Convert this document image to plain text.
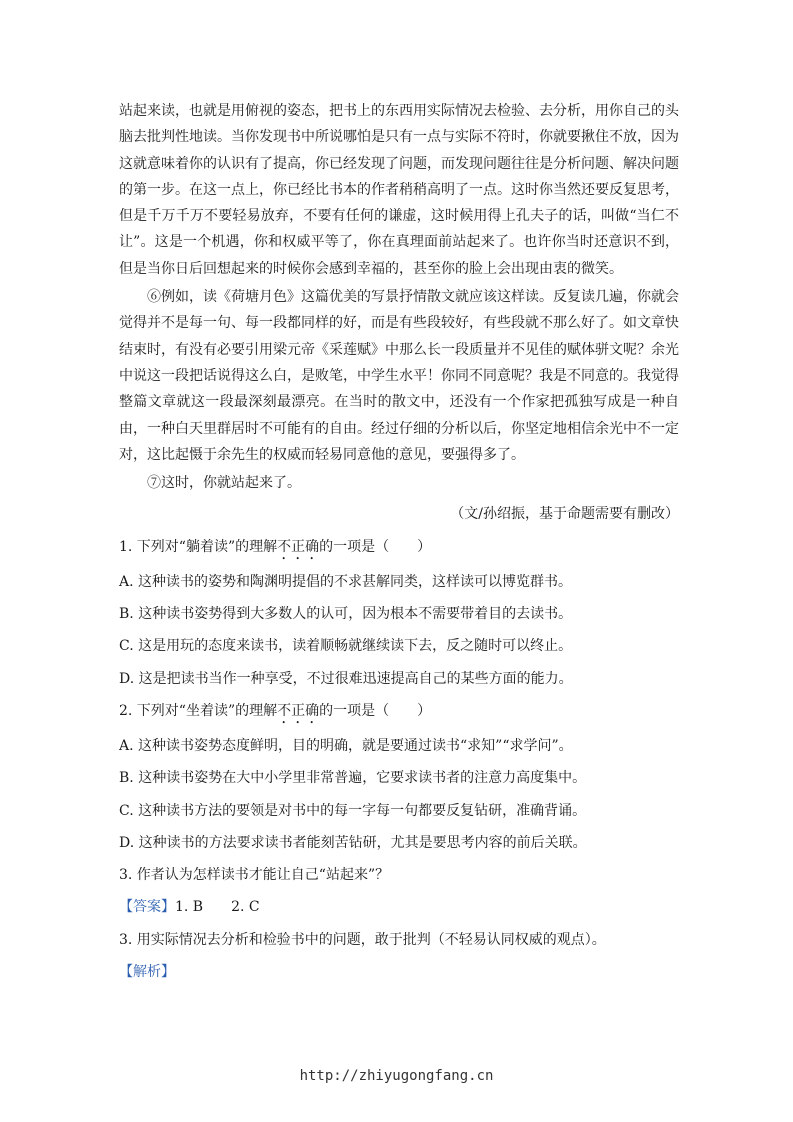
站起来读，也就是用俯视的姿态，把书上的东西用实际情况去检验、去分析，用你自己的头脑去批判性地读。当你发现书中所说哪怕是只有一点与实际不符时，你就要揪住不放，因为这就意味着你的认识有了提高，你已经发现了问题，而发现问题往往是分析问题、解决问题的第一步。在这一点上，你已经比书本的作者稍稍高明了一点。这时你当然还要反复思考，但是千万千万不要轻易放弃，不要有任何的谦虚，这时候用得上孔夫子的话，叫做“当仁不让”。这是一个机遇，你和权威平等了，你在真理面前站起来了。也许你当时还意识不到，但是当你日后回想起来的时候你会感到幸福的，甚至你的脸上会出现由衷的微笑。

⑥例如，读《荷塘月色》这篇优美的写景抒情散文就应该这样读。反复读几遍，你就会觉得并不是每一句、每一段都同样的好，而是有些段较好，有些段就不那么好了。如文章快结束时，有没有必要引用梁元帝《采莲赋》中那么长一段质量并不见佳的赋体骈文呢？余光中说这一段把话说得这么白，是败笔，中学生水平！你同不同意呢？我是不同意的。我觉得整篇文章就这一段最深刻最漂亮。在当时的散文中，还没有一个作家把孤独写成是一种自由，一种白天里群居时不可能有的自由。经过仔细的分析以后，你坚定地相信余光中不一定对，这比起慑于余先生的权威而轻易同意他的意见，要强得多了。

⑦这时，你就站起来了。

（文/孙绍振，基于命题需要有删改）

1. 下列对“躺着读”的理解不正确的一项是（　　）

A. 这种读书的姿势和陶渊明提倡的不求甚解同类，这样读可以博览群书。

B. 这种读书姿势得到大多数人的认可，因为根本不需要带着目的去读书。

C. 这是用玩的态度来读书，读着顺畅就继续读下去，反之随时可以终止。

D. 这是把读书当作一种享受，不过很难迅速提高自己的某些方面的能力。

2. 下列对“坐着读”的理解不正确的一项是（　　）

A. 这种读书姿势态度鲜明，目的明确，就是要通过读书“求知”“求学问”。

B. 这种读书姿势在大中小学里非常普遍，它要求读书者的注意力高度集中。

C. 这种读书方法的要领是对书中的每一字每一句都要反复钻研，准确背诵。

D. 这种读书的方法要求读书者能刻苦钻研，尤其是要思考内容的前后关联。

3. 作者认为怎样读书才能让自己“站起来”？

【答案】1. B　　2. C

3. 用实际情况去分析和检验书中的问题，敢于批判（不轻易认同权威的观点）。

【解析】

http://zhiyugongfang.cn
